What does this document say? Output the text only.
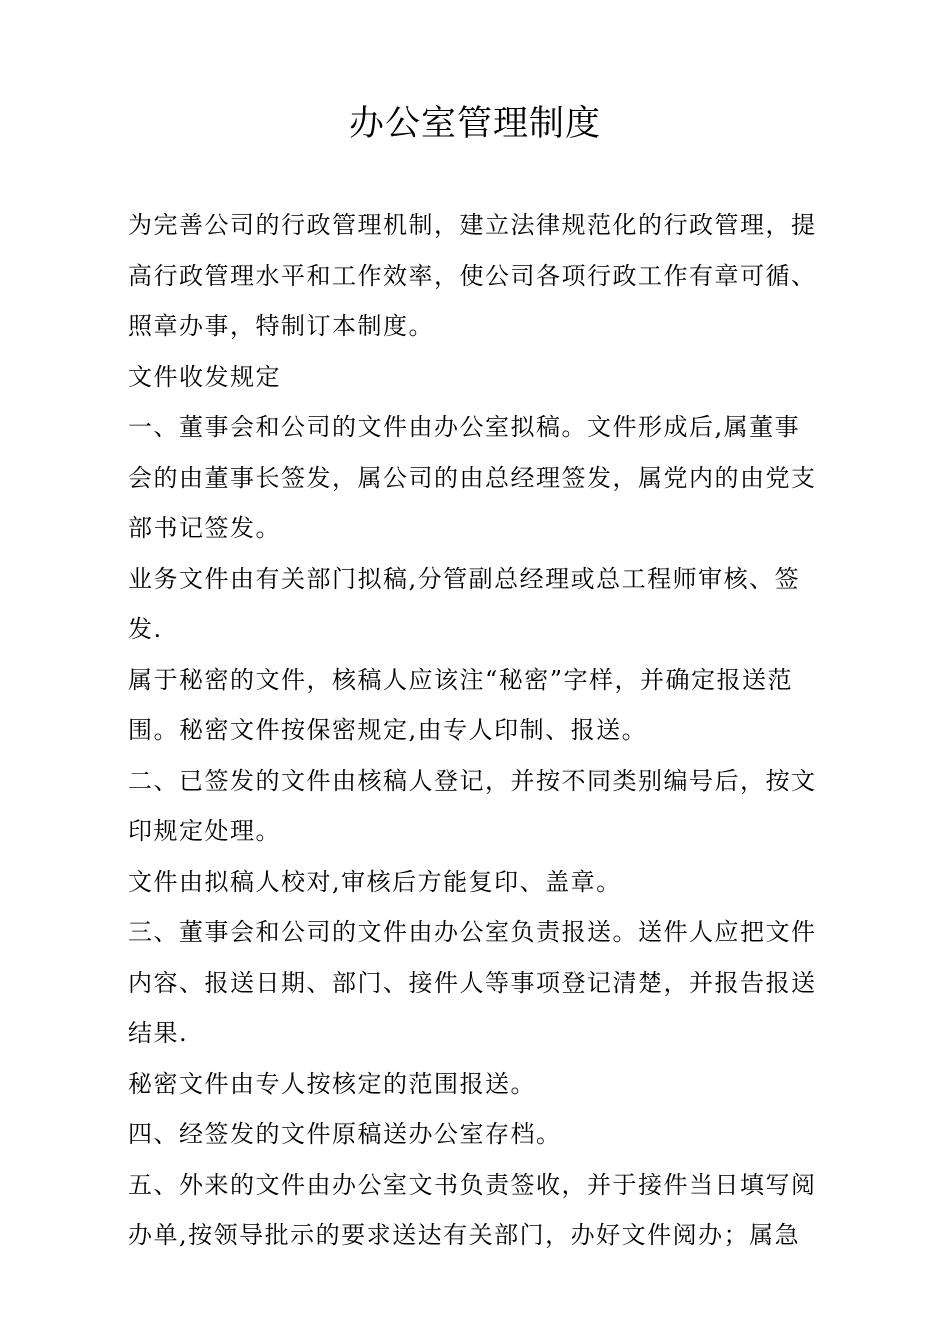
办公室管理制度

为完善公司的行政管理机制，建立法律规范化的行政管理，提高行政管理水平和工作效率，使公司各项行政工作有章可循、照章办事，特制订本制度。

文件收发规定

一、董事会和公司的文件由办公室拟稿。文件形成后,属董事会的由董事长签发，属公司的由总经理签发，属党内的由党支部书记签发。

业务文件由有关部门拟稿,分管副总经理或总工程师审核、签发.

属于秘密的文件，核稿人应该注“秘密”字样，并确定报送范围。秘密文件按保密规定,由专人印制、报送。

二、已签发的文件由核稿人登记，并按不同类别编号后，按文印规定处理。

文件由拟稿人校对,审核后方能复印、盖章。

三、董事会和公司的文件由办公室负责报送。送件人应把文件内容、报送日期、部门、接件人等事项登记清楚，并报告报送结果.

秘密文件由专人按核定的范围报送。

四、经签发的文件原稿送办公室存档。

五、外来的文件由办公室文书负责签收，并于接件当日填写阅办单,按领导批示的要求送达有关部门，办好文件阅办；属急
